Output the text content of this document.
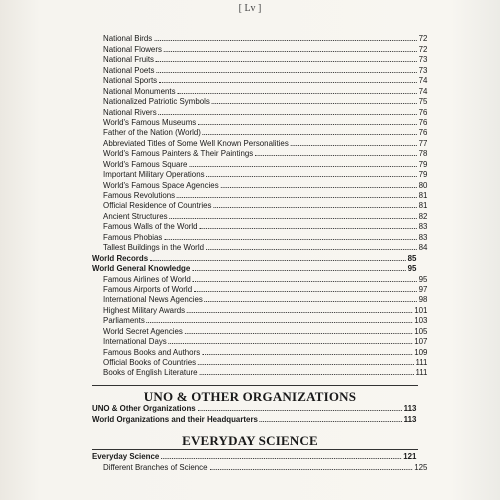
[ Lv ]
National Birds	72
National Flowers	72
National Fruits	73
National Poets	73
National Sports	74
National Monuments	74
Nationalized Patriotic Symbols	75
National Rivers	76
World's Famous Museums	76
Father of the Nation (World)	76
Abbreviated Titles of Some Well Known Personalities	77
World's Famous Painters & Their Paintings	78
World's Famous Square	79
Important Military Operations	79
World's Famous Space Agencies	80
Famous Revolutions	81
Official Residence of Countries	81
Ancient Structures	82
Famous Walls of the World	83
Famous Phobias	83
Tallest Buildings in the World	84
World Records	85
World General Knowledge	95
Famous Airlines of World	95
Famous Airports of World	97
International News Agencies	98
Highest Military Awards	101
Parliaments	103
World Secret Agencies	105
International Days	107
Famous Books and Authors	109
Official Books of Countries	111
Books of English Literature	111
UNO & OTHER ORGANIZATIONS
UNO & Other Organizations	113
World Organizations and their Headquarters	113
EVERYDAY SCIENCE
Everyday Science	121
Different Branches of Science	125
